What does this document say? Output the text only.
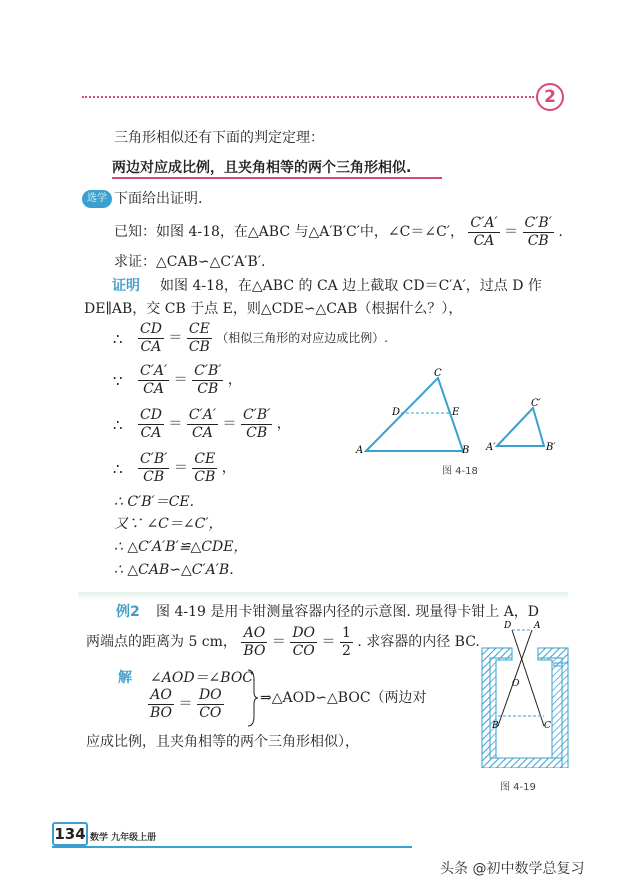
2
三角形相似还有下面的判定定理：
两边对应成比例，且夹角相等的两个三角形相似.
选学 下面给出证明.
已知：如图 4-18，在△ABC 与△A′B′C′中，∠C＝∠C′， $\frac{C'A'}{CA} = \frac{C'B'}{CB}$ .
求证：△CAB∽△C′A′B′.
证明 如图 4-18，在△ABC 的 CA 边上截取 CD＝C′A′，过点 D 作
DE∥AB，交 CB 于点 E，则△CDE∽△CAB（根据什么？），
∴ $\frac{CD}{CA} = \frac{CE}{CB}$ （相似三角形的对应边成比例）.
∵ $\frac{C'A'}{CA} = \frac{C'B'}{CB}$ ，
∴ $\frac{CD}{CA} = \frac{C'A'}{CA} = \frac{C'B'}{CB}$ ，
∴ $\frac{C'B'}{CB} = \frac{CE}{CB}$ ，
∴ C′B′＝CE.
又∵ ∠C＝∠C′，
∴ △C′A′B′≌△CDE，
∴ △CAB∽△C′A′B.
C
D	E
A	B
C′
A′	B′
图 4-18
例2 图 4-19 是用卡钳测量容器内径的示意图. 现量得卡钳上 A，D
两端点的距离为 5 cm， $\frac{AO}{BO} = \frac{DO}{CO} = \frac{1}{2}$ . 求容器的内径 BC.
解 ∠AOD＝∠BOC
$\frac{AO}{BO} = \frac{DO}{CO}$	⇒△AOD∽△BOC（两边对
应成比例，且夹角相等的两个三角形相似），
D	A
O
B	C
图 4-19
134 数学 九年级上册
头条 @初中数学总复习
